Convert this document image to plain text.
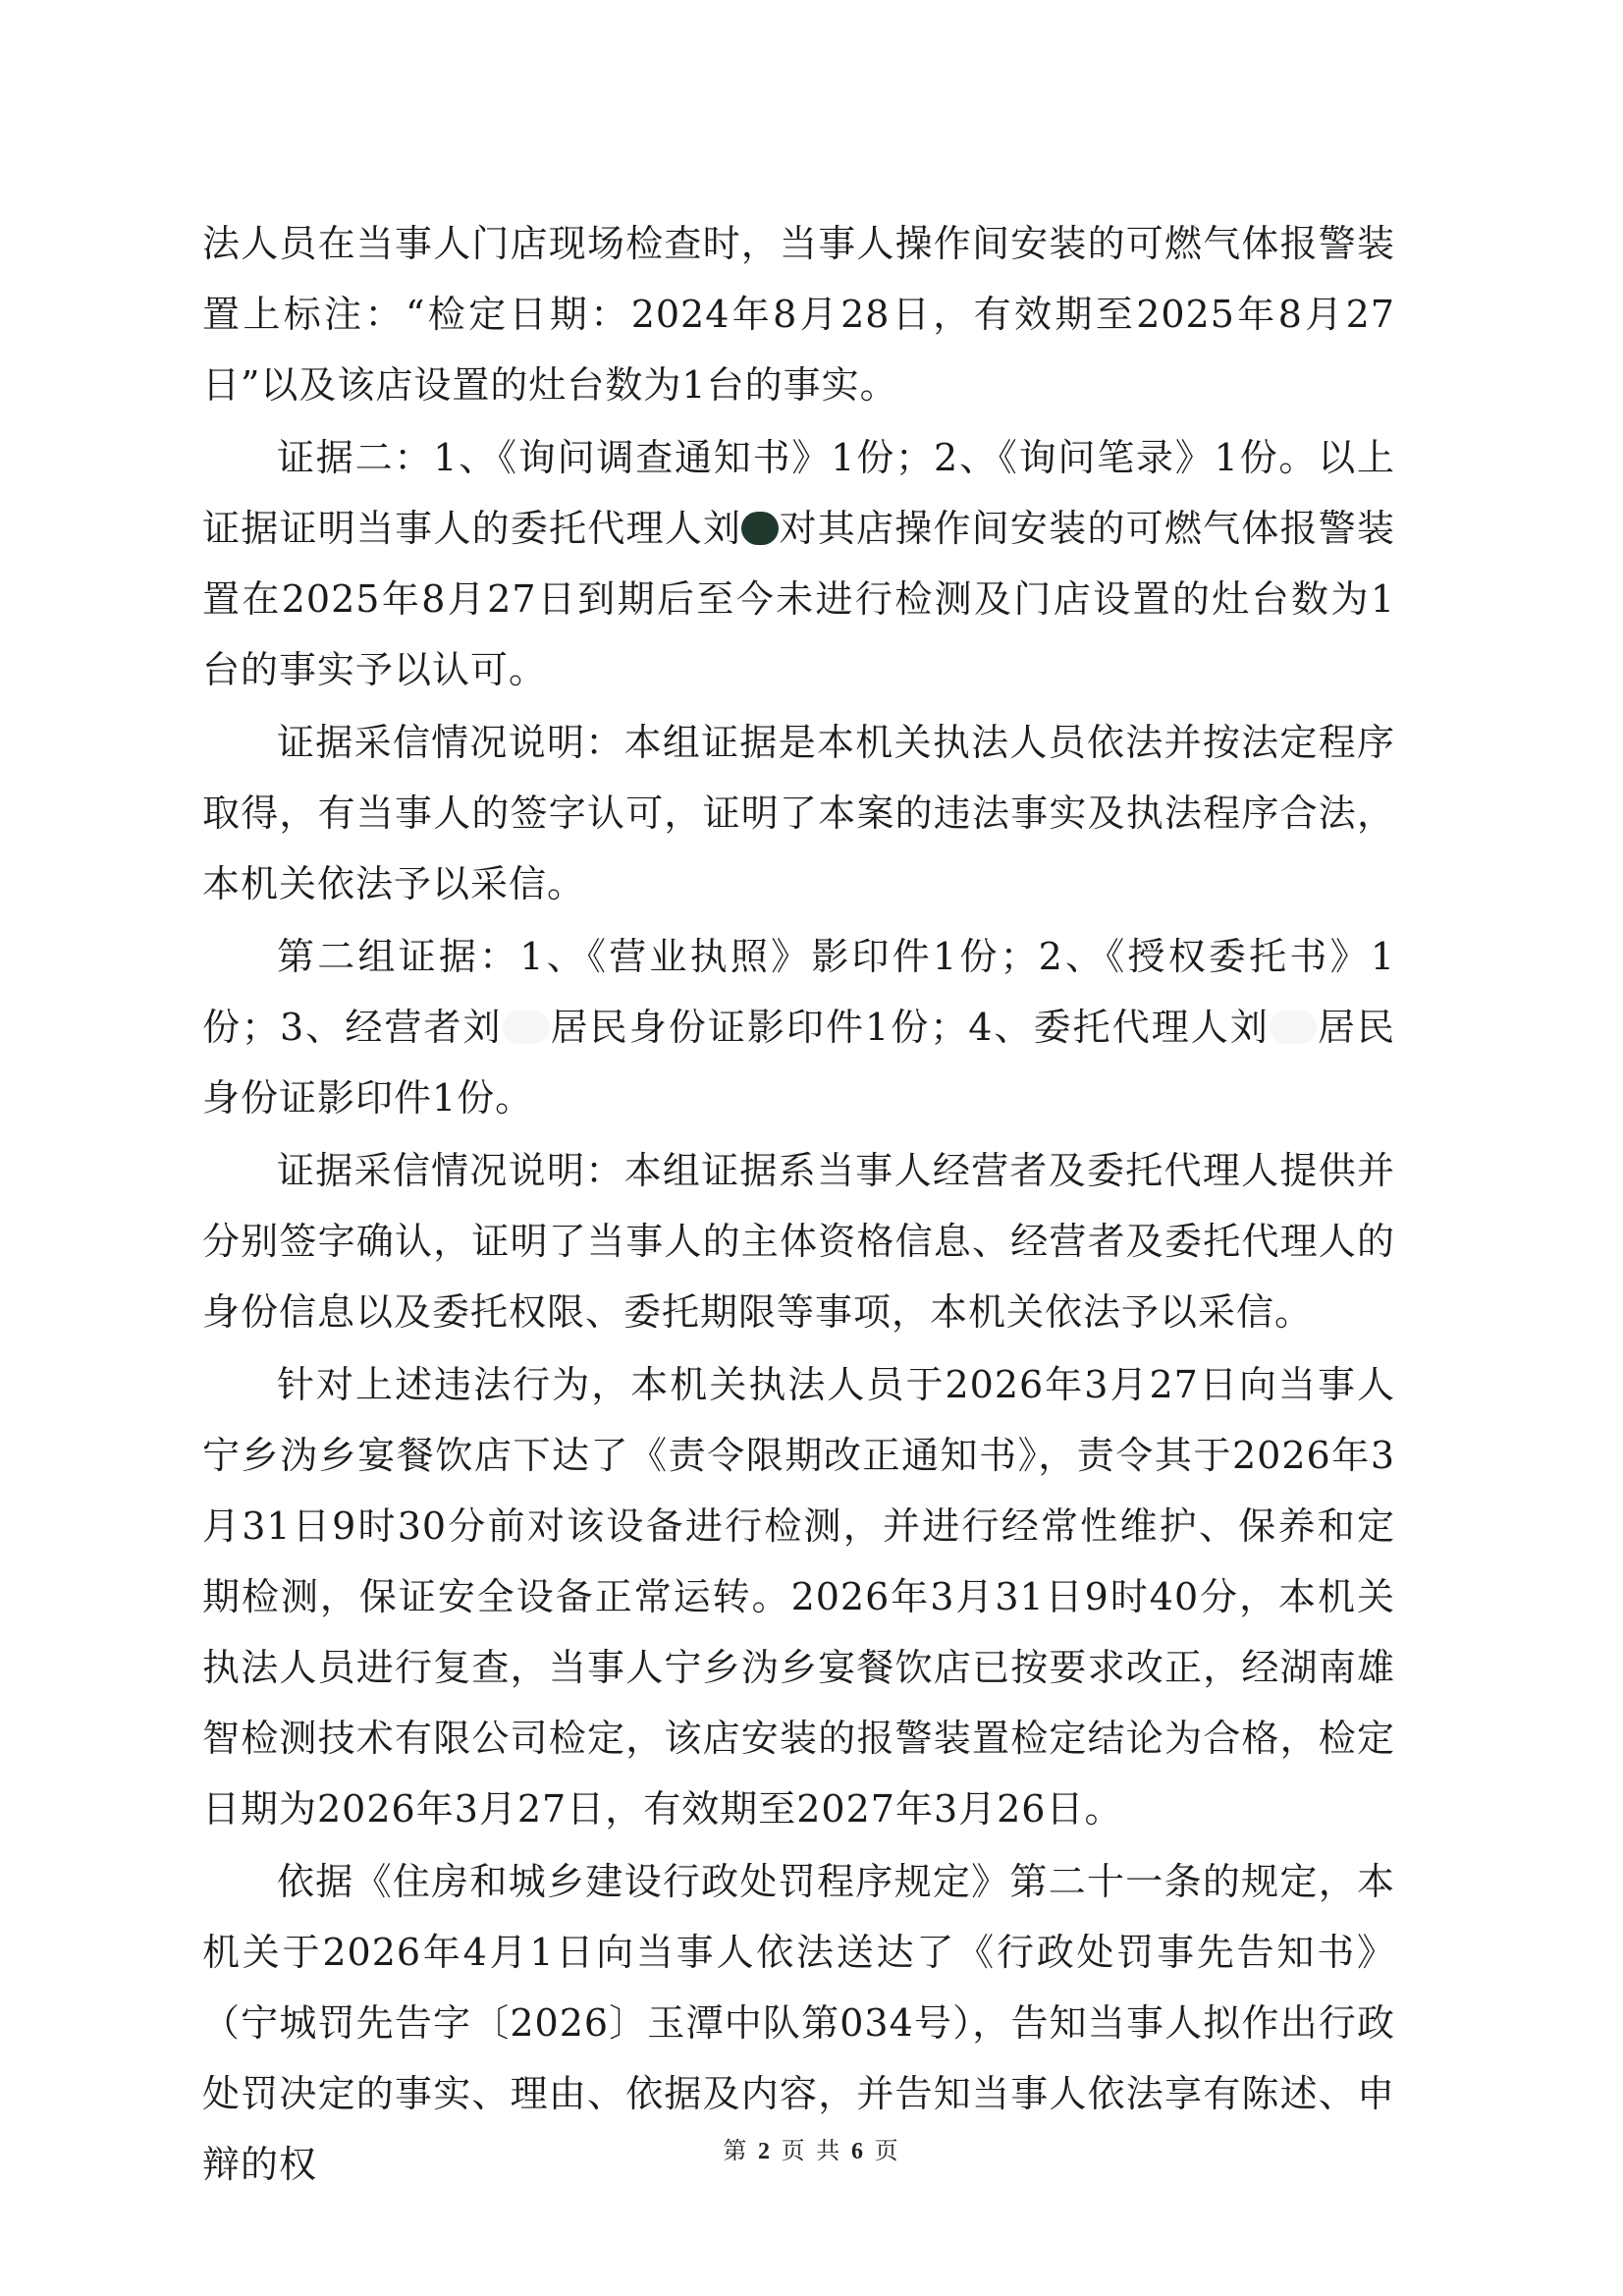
法人员在当事人门店现场检查时，当事人操作间安装的可燃气体报警装置上标注：“检定日期：2024年8月28日，有效期至2025年8月27日”以及该店设置的灶台数为1台的事实。

证据二：1、《询问调查通知书》1份；2、《询问笔录》1份。以上证据证明当事人的委托代理人刘 对其店操作间安装的可燃气体报警装置在2025年8月27日到期后至今未进行检测及门店设置的灶台数为1台的事实予以认可。

证据采信情况说明：本组证据是本机关执法人员依法并按法定程序取得，有当事人的签字认可，证明了本案的违法事实及执法程序合法，本机关依法予以采信。

第二组证据：1、《营业执照》影印件1份；2、《授权委托书》1份；3、经营者刘 居民身份证影印件1份；4、委托代理人刘 居民身份证影印件1份。

证据采信情况说明：本组证据系当事人经营者及委托代理人提供并分别签字确认，证明了当事人的主体资格信息、经营者及委托代理人的身份信息以及委托权限、委托期限等事项，本机关依法予以采信。

针对上述违法行为，本机关执法人员于2026年3月27日向当事人宁乡沩乡宴餐饮店下达了《责令限期改正通知书》，责令其于2026年3月31日9时30分前对该设备进行检测，并进行经常性维护、保养和定期检测，保证安全设备正常运转。2026年3月31日9时40分，本机关执法人员进行复查，当事人宁乡沩乡宴餐饮店已按要求改正，经湖南雄智检测技术有限公司检定，该店安装的报警装置检定结论为合格，检定日期为2026年3月27日，有效期至2027年3月26日。

依据《住房和城乡建设行政处罚程序规定》第二十一条的规定，本机关于2026年4月1日向当事人依法送达了《行政处罚事先告知书》（宁城罚先告字〔2026〕玉潭中队第034号），告知当事人拟作出行政处罚决定的事实、理由、依据及内容，并告知当事人依法享有陈述、申辩的权	第 2 页 共 6 页
